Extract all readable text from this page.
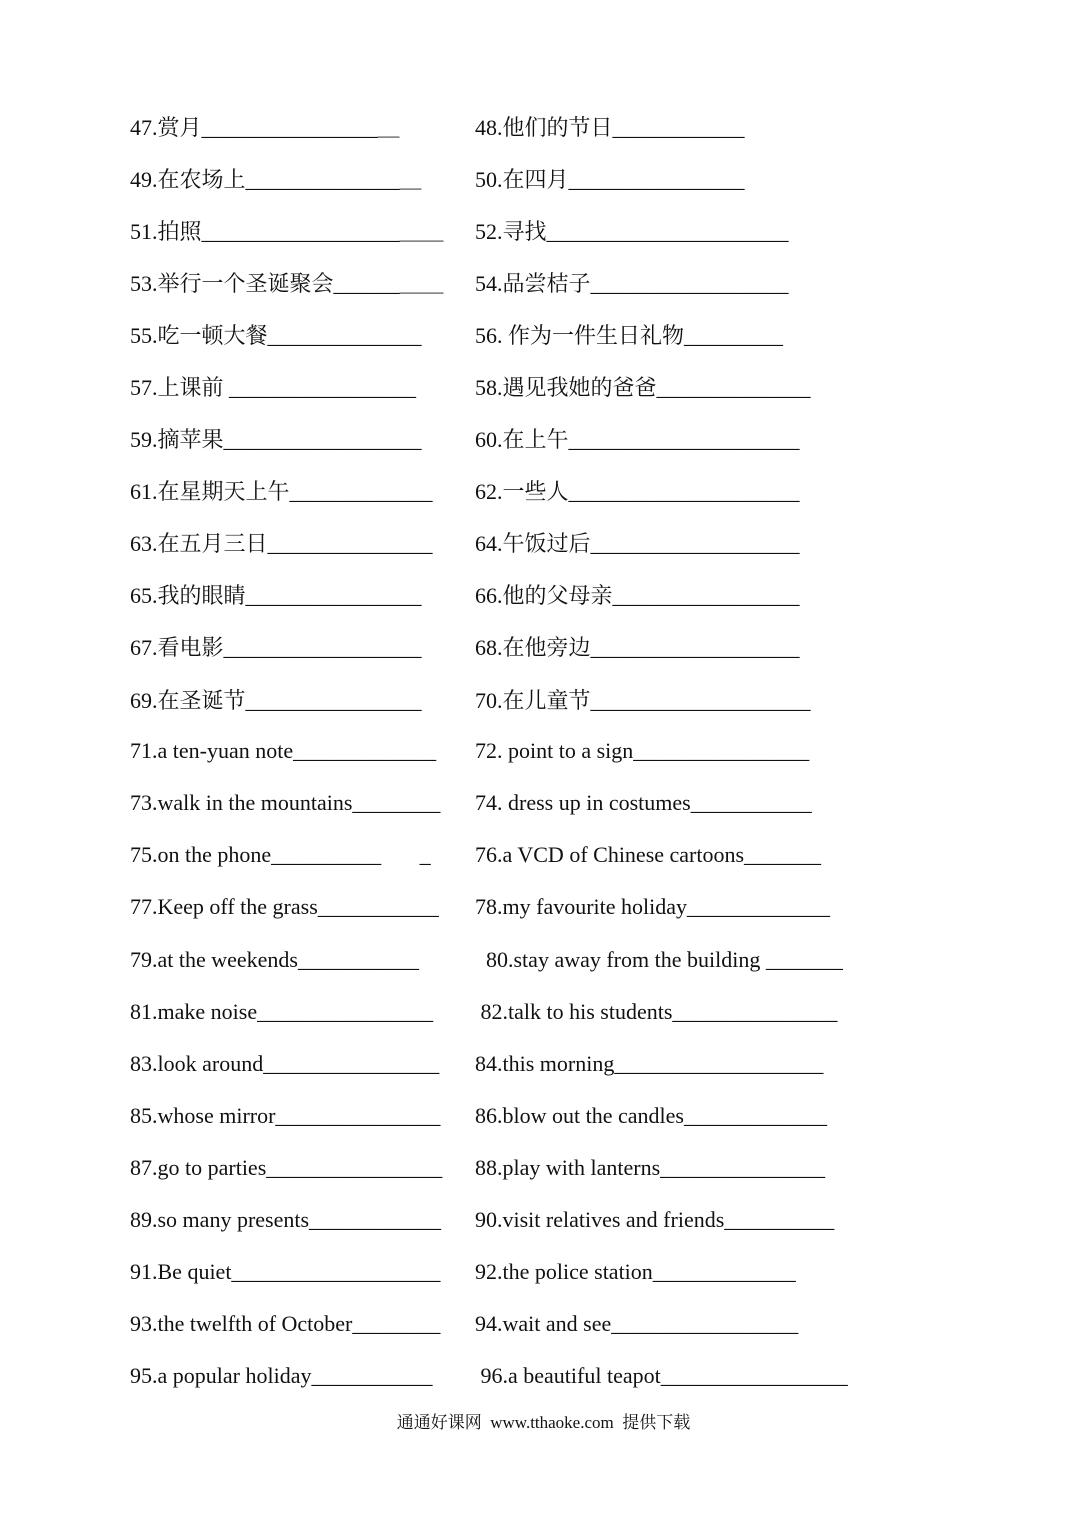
47.赏月________________＿	48.他们的节日____________
49.在农场上______________＿	50.在四月________________
51.拍照__________________＿＿	52.寻找______________________
53.举行一个圣诞聚会______＿＿	54.品尝桔子__________________
55.吃一顿大餐______________	56. 作为一件生日礼物_________
57.上课前 _________________	58.遇见我她的爸爸______________
59.摘苹果__________________	60.在上午_____________________
61.在星期天上午_____________	62.一些人_____________________
63.在五月三日_______________	64.午饭过后___________________
65.我的眼睛________________	66.他的父母亲_________________
67.看电影__________________	68.在他旁边___________________
69.在圣诞节________________	70.在儿童节____________________
71.a ten-yuan note_____________	72. point to a sign________________
73.walk in the mountains________	74. dress up in costumes___________
75.on the phone__________       _	76.a VCD of Chinese cartoons_______
77.Keep off the grass___________	78.my favourite holiday_____________
79.at the weekends___________	80.stay away from the building _______
81.make noise________________	82.talk to his students_______________
83.look around________________	84.this morning___________________
85.whose mirror_______________	86.blow out the candles_____________
87.go to parties________________	88.play with lanterns_______________
89.so many presents____________	90.visit relatives and friends__________
91.Be quiet___________________	92.the police station_____________
93.the twelfth of October________	94.wait and see_________________
95.a popular holiday___________	96.a beautiful teapot_________________
通通好课网  www.tthaoke.com  提供下载
